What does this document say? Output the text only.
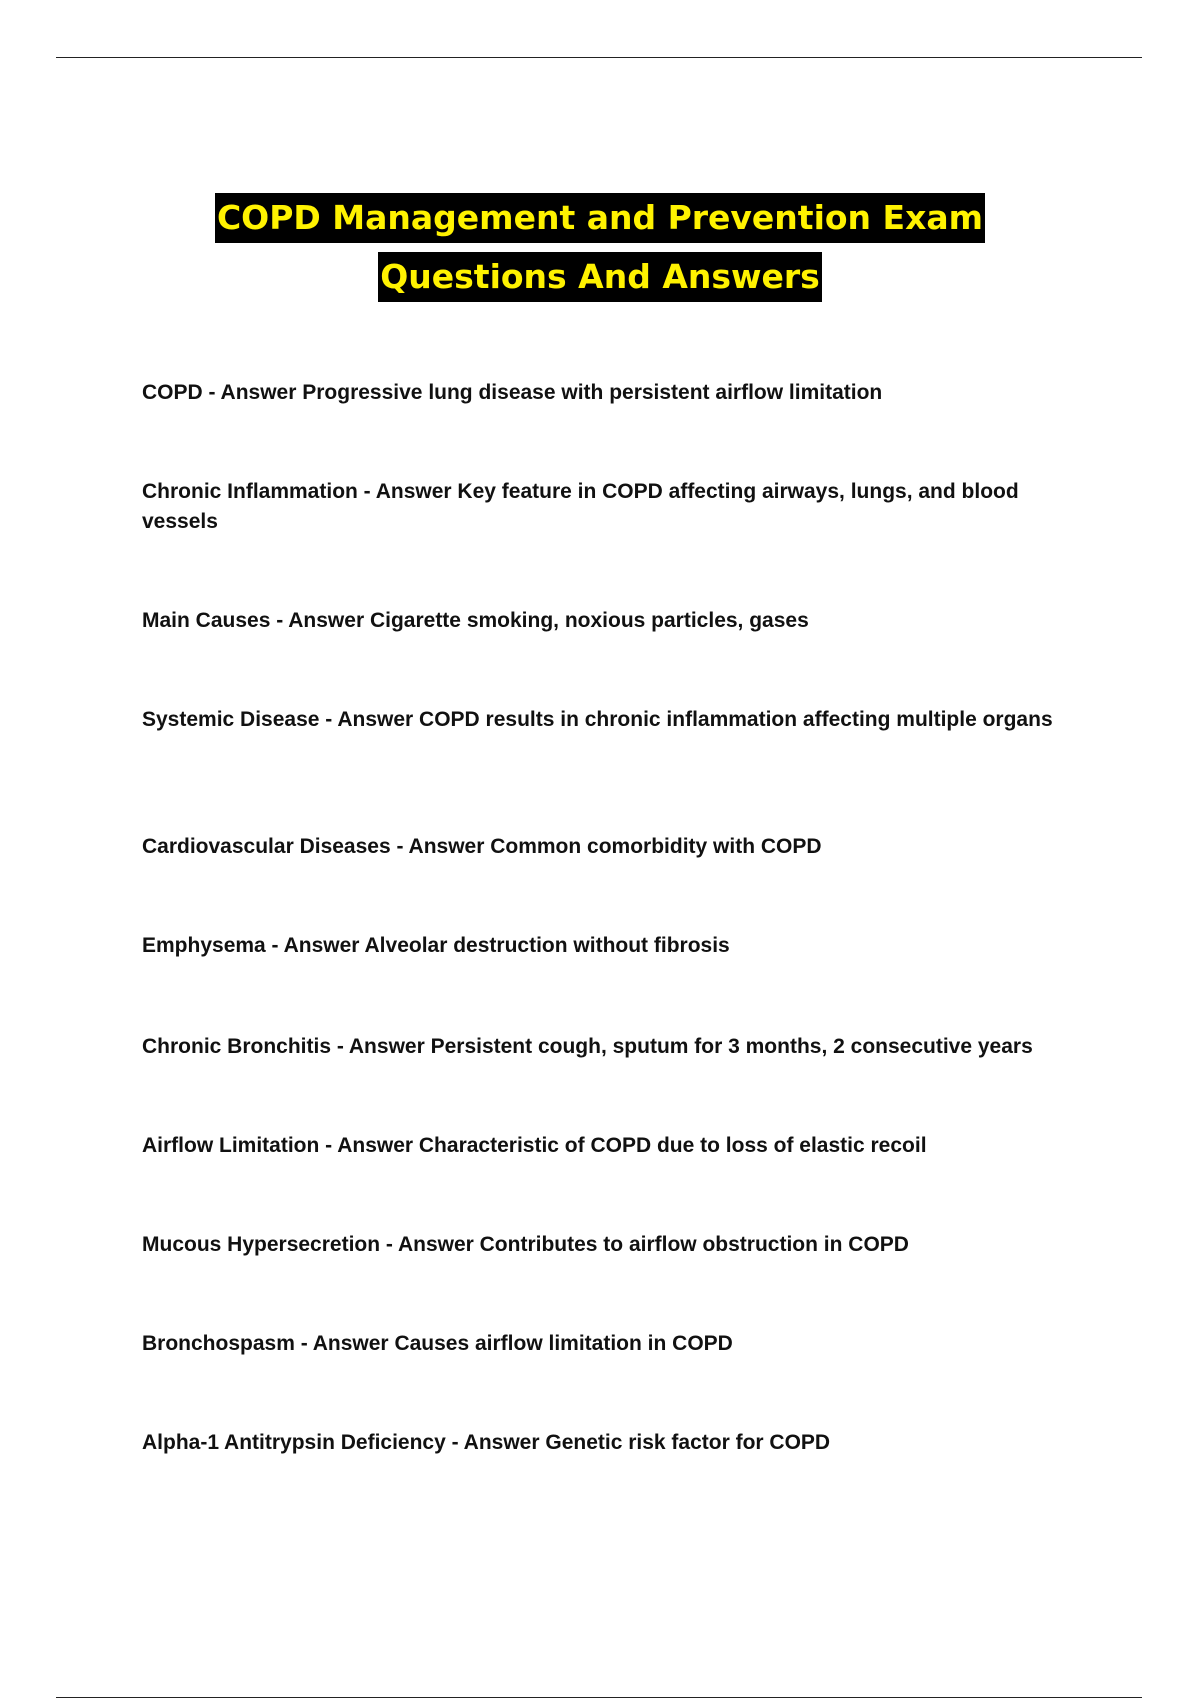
COPD Management and Prevention Exam
Questions And Answers

COPD - Answer Progressive lung disease with persistent airflow limitation

Chronic Inflammation - Answer Key feature in COPD affecting airways, lungs, and blood vessels

Main Causes - Answer Cigarette smoking, noxious particles, gases

Systemic Disease - Answer COPD results in chronic inflammation affecting multiple organs

Cardiovascular Diseases - Answer Common comorbidity with COPD

Emphysema - Answer Alveolar destruction without fibrosis

Chronic Bronchitis - Answer Persistent cough, sputum for 3 months, 2 consecutive years

Airflow Limitation - Answer Characteristic of COPD due to loss of elastic recoil

Mucous Hypersecretion - Answer Contributes to airflow obstruction in COPD

Bronchospasm - Answer Causes airflow limitation in COPD

Alpha-1 Antitrypsin Deficiency - Answer Genetic risk factor for COPD
